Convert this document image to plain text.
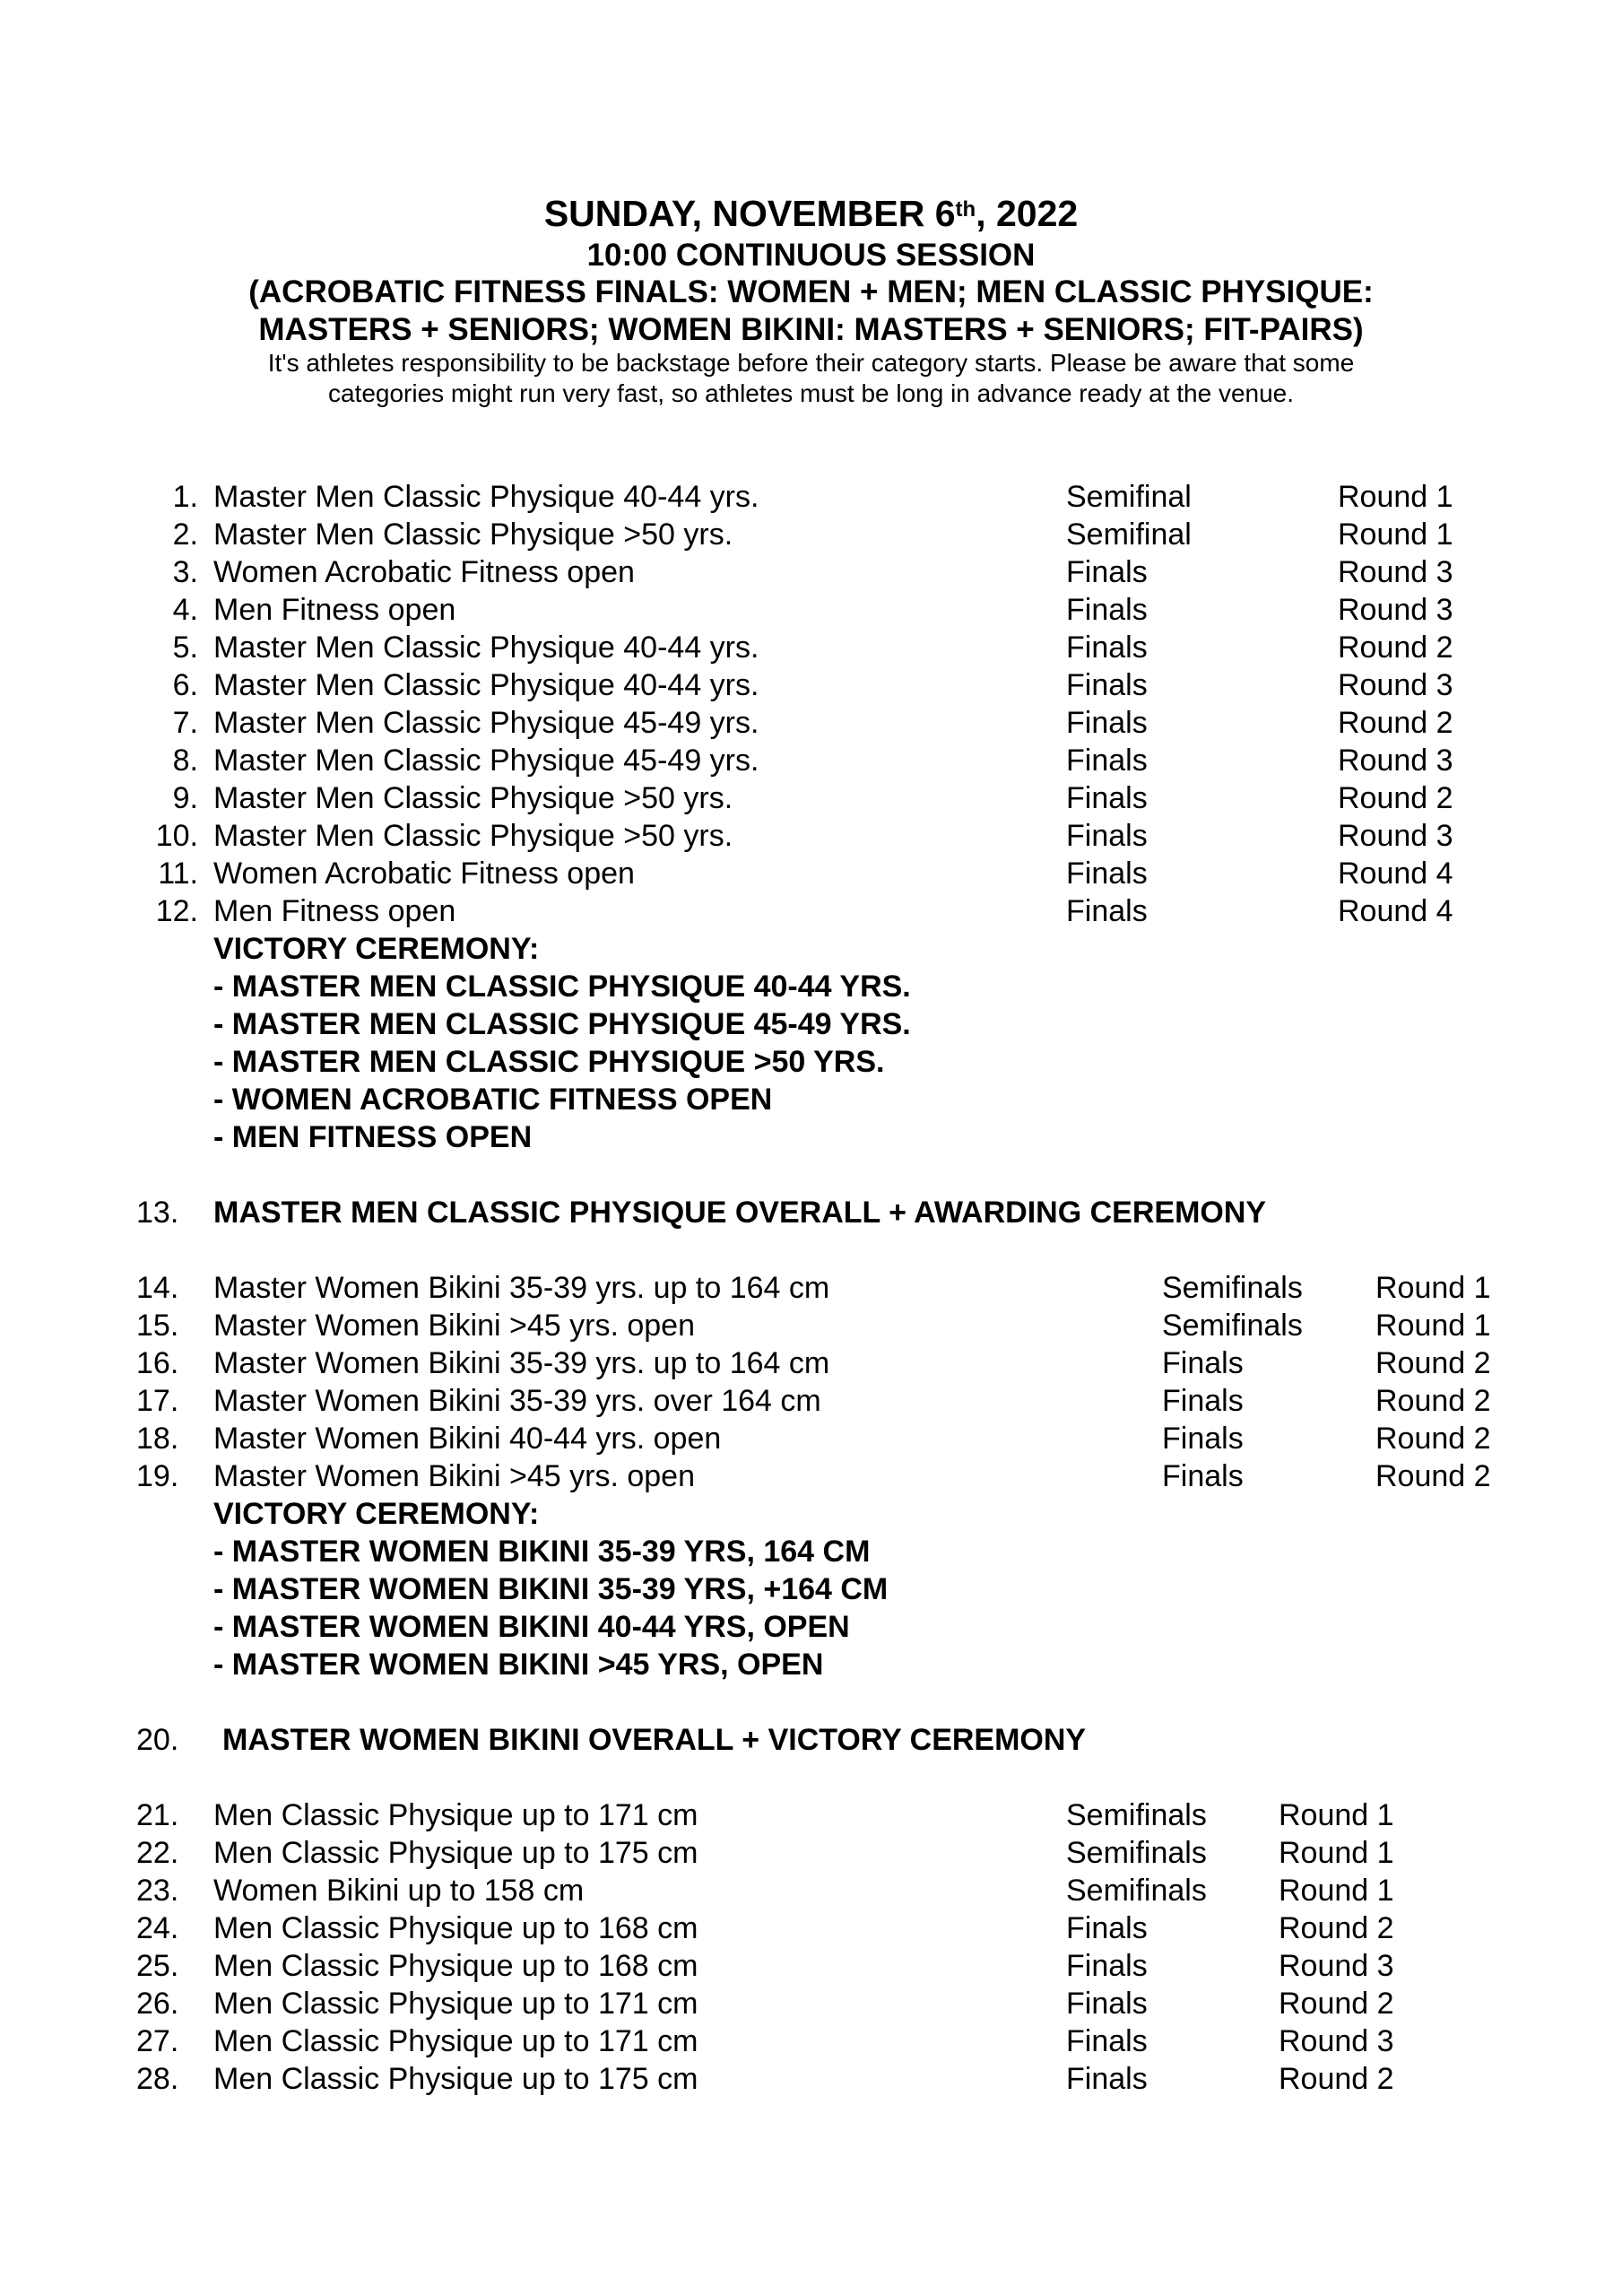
SUNDAY, NOVEMBER 6th, 2022
10:00 CONTINUOUS SESSION
(ACROBATIC FITNESS FINALS: WOMEN + MEN; MEN CLASSIC PHYSIQUE:
MASTERS + SENIORS; WOMEN BIKINI: MASTERS + SENIORS; FIT-PAIRS)
It's athletes responsibility to be backstage before their category starts. Please be aware that some
categories might run very fast, so athletes must be long in advance ready at the venue.
1. Master Men Classic Physique 40-44 yrs.	Semifinal	Round 1
2. Master Men Classic Physique >50 yrs.	Semifinal	Round 1
3. Women Acrobatic Fitness open	Finals	Round 3
4. Men Fitness open	Finals	Round 3
5. Master Men Classic Physique 40-44 yrs.	Finals	Round 2
6. Master Men Classic Physique 40-44 yrs.	Finals	Round 3
7. Master Men Classic Physique 45-49 yrs.	Finals	Round 2
8. Master Men Classic Physique 45-49 yrs.	Finals	Round 3
9. Master Men Classic Physique >50 yrs.	Finals	Round 2
10. Master Men Classic Physique >50 yrs.	Finals	Round 3
11. Women Acrobatic Fitness open	Finals	Round 4
12. Men Fitness open	Finals	Round 4
VICTORY CEREMONY:
- MASTER MEN CLASSIC PHYSIQUE 40-44 YRS.
- MASTER MEN CLASSIC PHYSIQUE 45-49 YRS.
- MASTER MEN CLASSIC PHYSIQUE >50 YRS.
- WOMEN ACROBATIC FITNESS OPEN
- MEN FITNESS OPEN
13. MASTER MEN CLASSIC PHYSIQUE OVERALL + AWARDING CEREMONY
14. Master Women Bikini 35-39 yrs. up to 164 cm	Semifinals Round 1
15. Master Women Bikini >45 yrs. open	Semifinals Round 1
16. Master Women Bikini 35-39 yrs. up to 164 cm	Finals	Round 2
17. Master Women Bikini 35-39 yrs. over 164 cm	Finals	Round 2
18. Master Women Bikini 40-44 yrs. open	Finals	Round 2
19. Master Women Bikini >45 yrs. open	Finals	Round 2
VICTORY CEREMONY:
- MASTER WOMEN BIKINI 35-39 YRS, 164 CM
- MASTER WOMEN BIKINI 35-39 YRS, +164 CM
- MASTER WOMEN BIKINI 40-44 YRS, OPEN
- MASTER WOMEN BIKINI >45 YRS, OPEN
20. MASTER WOMEN BIKINI OVERALL + VICTORY CEREMONY
21. Men Classic Physique up to 171 cm	Semifinals Round 1
22. Men Classic Physique up to 175 cm	Semifinals Round 1
23. Women Bikini up to 158 cm	Semifinals Round 1
24. Men Classic Physique up to 168 cm	Finals	Round 2
25. Men Classic Physique up to 168 cm	Finals	Round 3
26. Men Classic Physique up to 171 cm	Finals	Round 2
27. Men Classic Physique up to 171 cm	Finals	Round 3
28. Men Classic Physique up to 175 cm	Finals	Round 2
